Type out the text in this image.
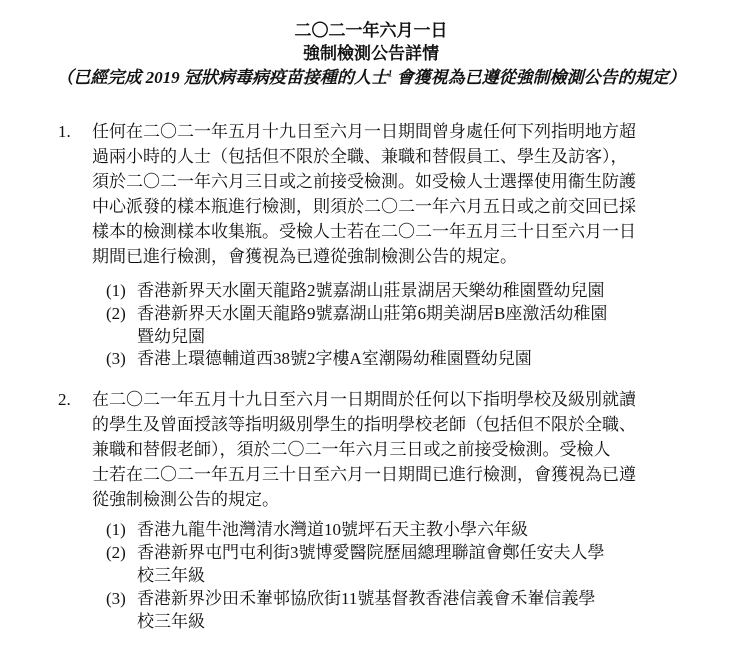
二〇二一年六月一日
強制檢測公告詳情
（已經完成 2019 冠狀病毒病疫苗接種的人士$^1$ 會獲視為已遵從強制檢測公告的規定）
1. 任何在二〇二一年五月十九日至六月一日期間曾身處任何下列指明地方超
過兩小時的人士（包括但不限於全職、兼職和替假員工、學生及訪客），
須於二〇二一年六月三日或之前接受檢測。如受檢人士選擇使用衞生防護
中心派發的樣本瓶進行檢測，則須於二〇二一年六月五日或之前交回已採
樣本的檢測樣本收集瓶。受檢人士若在二〇二一年五月三十日至六月一日
期間已進行檢測，會獲視為已遵從強制檢測公告的規定。
(1) 香港新界天水圍天龍路2號嘉湖山莊景湖居天樂幼稚園暨幼兒園
(2) 香港新界天水圍天龍路9號嘉湖山莊第6期美湖居B座激活幼稚園
暨幼兒園
(3) 香港上環德輔道西38號2字樓A室潮陽幼稚園暨幼兒園
2. 在二〇二一年五月十九日至六月一日期間於任何以下指明學校及級別就讀
的學生及曾面授該等指明級別學生的指明學校老師（包括但不限於全職、
兼職和替假老師），須於二〇二一年六月三日或之前接受檢測。受檢人
士若在二〇二一年五月三十日至六月一日期間已進行檢測，會獲視為已遵
從強制檢測公告的規定。
(1) 香港九龍牛池灣清水灣道10號坪石天主教小學六年級
(2) 香港新界屯門屯利街3號博愛醫院歷屆總理聯誼會鄭任安夫人學
校三年級
(3) 香港新界沙田禾輋邨協欣街11號基督教香港信義會禾輋信義學
校三年級
